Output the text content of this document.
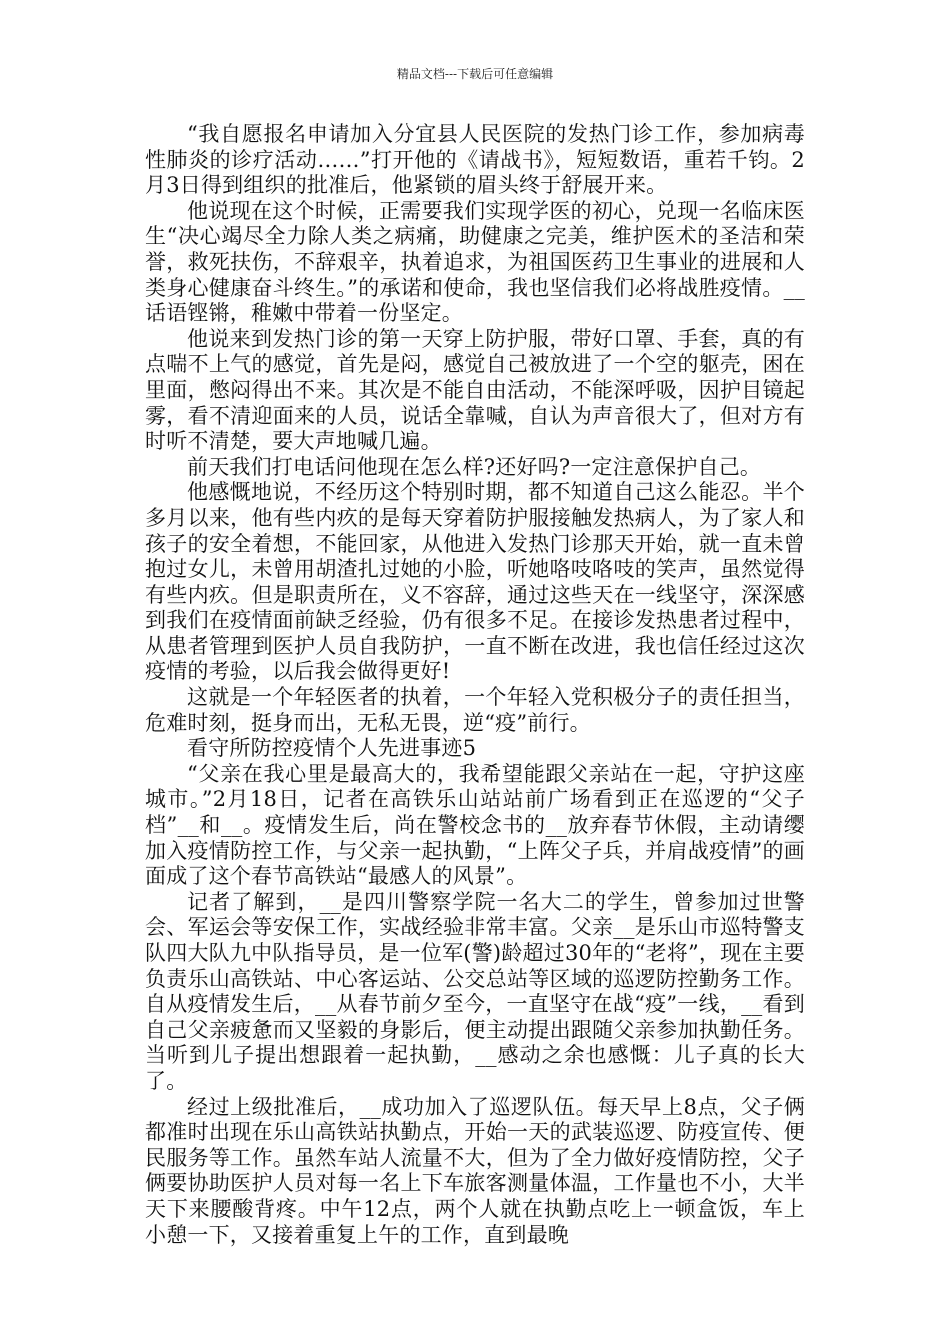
精品文档---下载后可任意编辑

“我自愿报名申请加入分宜县人民医院的发热门诊工作，参加病毒性肺炎的诊疗活动……”打开他的《请战书》，短短数语，重若千钧。2月3日得到组织的批准后，他紧锁的眉头终于舒展开来。

他说现在这个时候，正需要我们实现学医的初心，兑现一名临床医生“决心竭尽全力除人类之病痛，助健康之完美，维护医术的圣洁和荣誉，救死扶伤，不辞艰辛，执着追求，为祖国医药卫生事业的进展和人类身心健康奋斗终生。”的承诺和使命，我也坚信我们必将战胜疫情。__话语铿锵，稚嫩中带着一份坚定。

他说来到发热门诊的第一天穿上防护服，带好口罩、手套，真的有点喘不上气的感觉，首先是闷，感觉自己被放进了一个空的躯壳，困在里面，憋闷得出不来。其次是不能自由活动，不能深呼吸，因护目镜起雾，看不清迎面来的人员，说话全靠喊，自认为声音很大了，但对方有时听不清楚，要大声地喊几遍。

前天我们打电话问他现在怎么样?还好吗?一定注意保护自己。

他感慨地说，不经历这个特别时期，都不知道自己这么能忍。半个多月以来，他有些内疚的是每天穿着防护服接触发热病人，为了家人和孩子的安全着想，不能回家，从他进入发热门诊那天开始，就一直未曾抱过女儿，未曾用胡渣扎过她的小脸，听她咯吱咯吱的笑声，虽然觉得有些内疚。但是职责所在，义不容辞，通过这些天在一线坚守，深深感到我们在疫情面前缺乏经验，仍有很多不足。在接诊发热患者过程中，从患者管理到医护人员自我防护，一直不断在改进，我也信任经过这次疫情的考验，以后我会做得更好!

这就是一个年轻医者的执着，一个年轻入党积极分子的责任担当，危难时刻，挺身而出，无私无畏，逆“疫”前行。

看守所防控疫情个人先进事迹5

“父亲在我心里是最高大的，我希望能跟父亲站在一起，守护这座城市。”2月18日，记者在高铁乐山站站前广场看到正在巡逻的“父子档”__和__。疫情发生后，尚在警校念书的__放弃春节休假，主动请缨加入疫情防控工作，与父亲一起执勤，“上阵父子兵，并肩战疫情”的画面成了这个春节高铁站“最感人的风景”。

记者了解到，__是四川警察学院一名大二的学生，曾参加过世警会、军运会等安保工作，实战经验非常丰富。父亲__是乐山市巡特警支队四大队九中队指导员，是一位军(警)龄超过30年的“老将”，现在主要负责乐山高铁站、中心客运站、公交总站等区域的巡逻防控勤务工作。自从疫情发生后，__从春节前夕至今，一直坚守在战“疫”一线，__看到自己父亲疲惫而又坚毅的身影后，便主动提出跟随父亲参加执勤任务。当听到儿子提出想跟着一起执勤，__感动之余也感慨：儿子真的长大了。

经过上级批准后，__成功加入了巡逻队伍。每天早上8点，父子俩都准时出现在乐山高铁站执勤点，开始一天的武装巡逻、防疫宣传、便民服务等工作。虽然车站人流量不大，但为了全力做好疫情防控，父子俩要协助医护人员对每一名上下车旅客测量体温，工作量也不小，大半天下来腰酸背疼。中午12点，两个人就在执勤点吃上一顿盒饭，车上小憩一下，又接着重复上午的工作，直到最晚
